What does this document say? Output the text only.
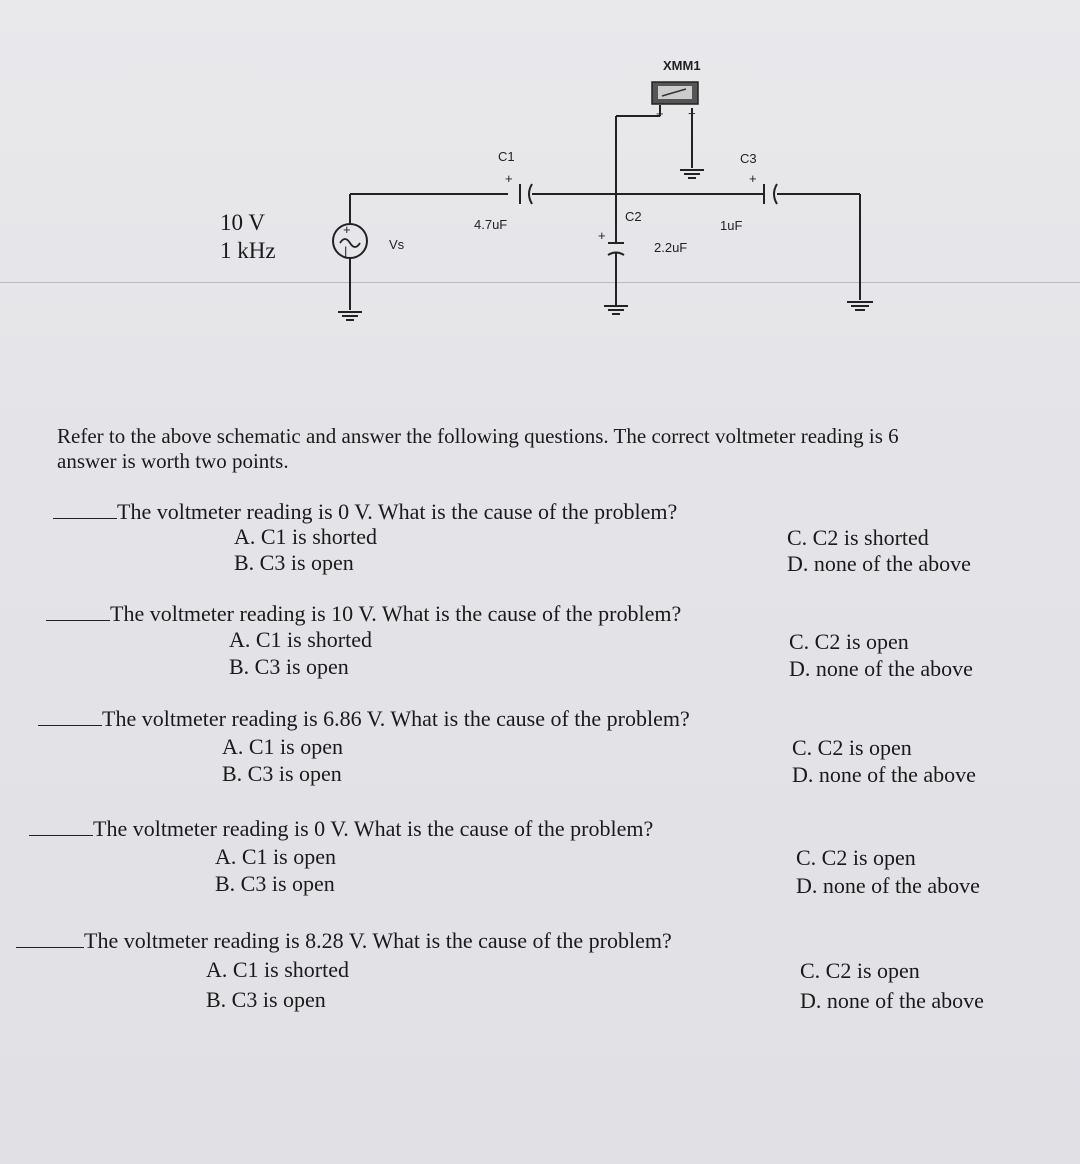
+
|
+ −
+
+
+
C1
4.7uF
C2
2.2uF
C3
1uF
XMM1
Vs
10 V
1 kHz
Refer to the above schematic and answer the following questions. The correct voltmeter reading is 6
answer is worth two points.
The voltmeter reading is 0 V. What is the cause of the problem?
A. C1 is shorted
B. C3 is open
C. C2 is shorted
D. none of the above
The voltmeter reading is 10 V. What is the cause of the problem?
A. C1 is shorted
B. C3 is open
C. C2 is open
D. none of the above
The voltmeter reading is 6.86 V. What is the cause of the problem?
A. C1 is open
B. C3 is open
C. C2 is open
D. none of the above
The voltmeter reading is 0 V. What is the cause of the problem?
A. C1 is open
B. C3 is open
C. C2 is open
D. none of the above
The voltmeter reading is 8.28 V. What is the cause of the problem?
A. C1 is shorted
B. C3 is open
C. C2 is open
D. none of the above
